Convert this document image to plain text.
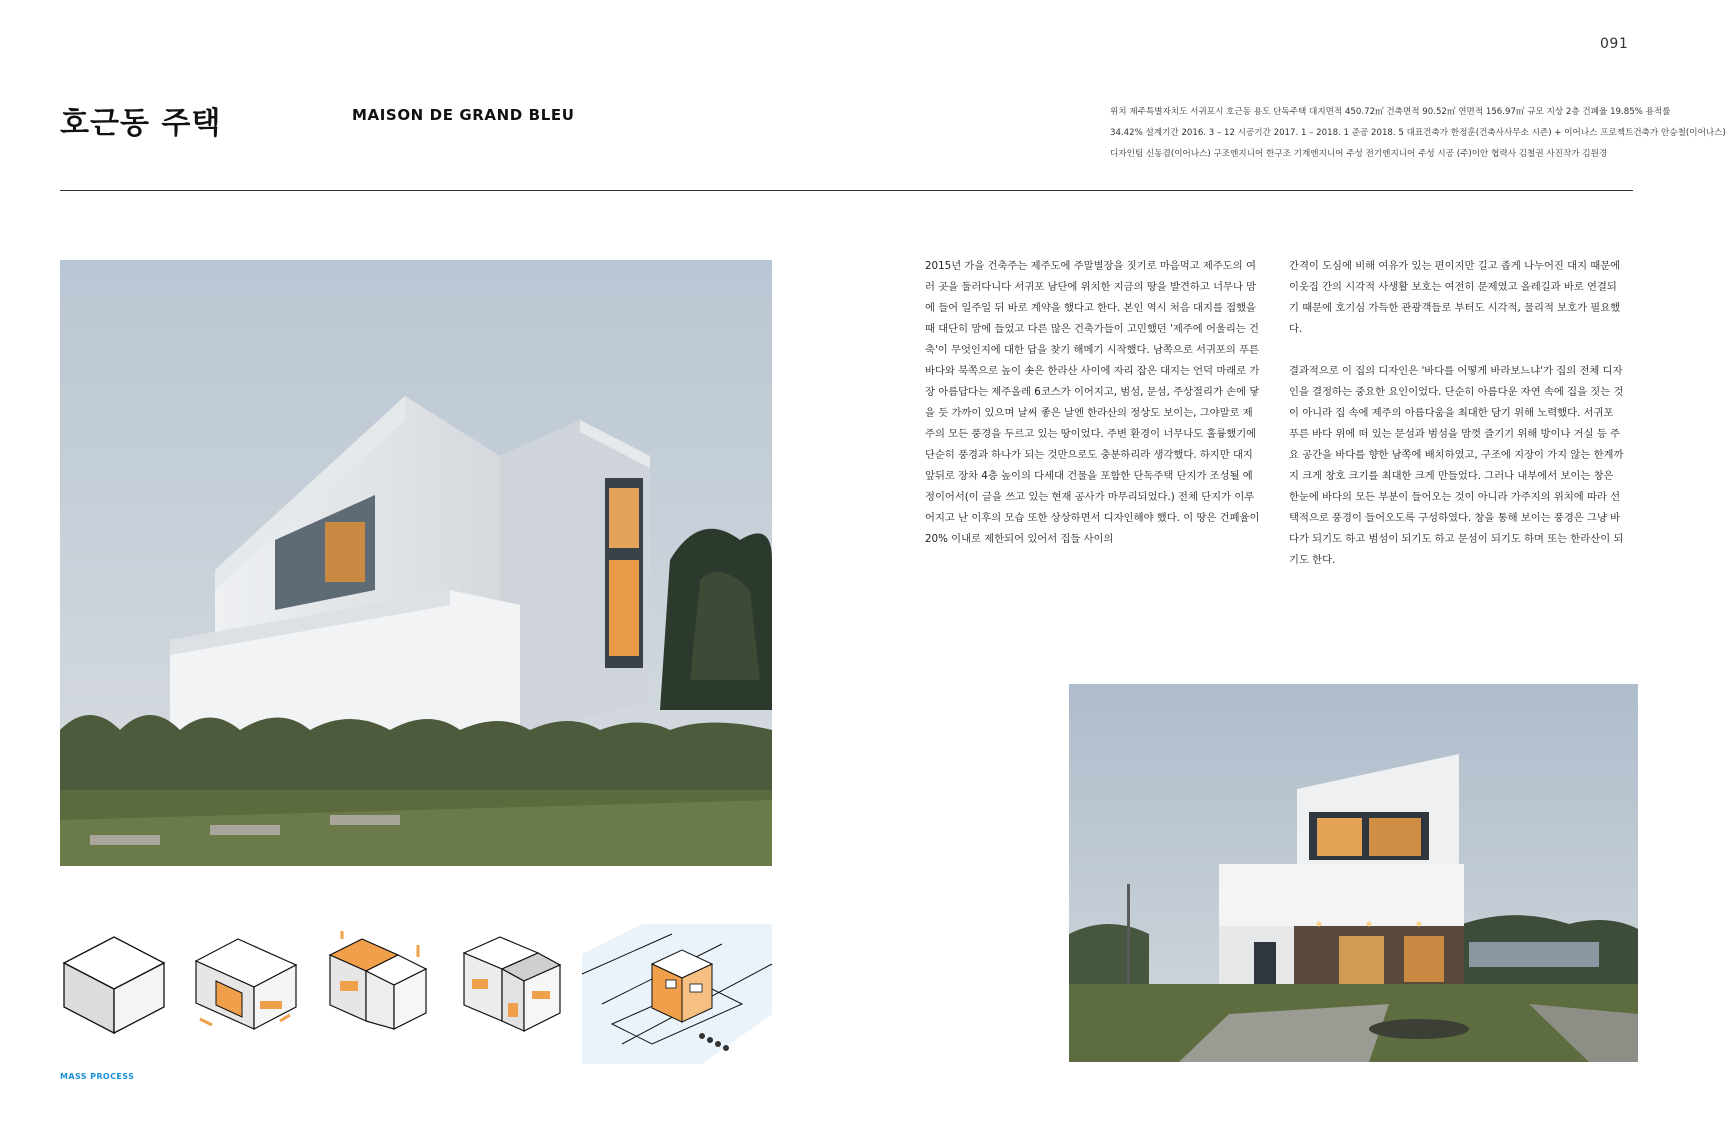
091
호근동 주택	MAISON DE GRAND BLEU	위치 제주특별자치도 서귀포시 호근동 용도 단독주택 대지면적 450.72㎡ 건축면적 90.52㎡ 연면적 156.97㎡ 규모 지상 2층 건폐율 19.85% 용적률
34.42% 설계기간 2016. 3 – 12 시공기간 2017. 1 – 2018. 1 준공 2018. 5 대표건축가 한정훈(건축사사무소 시즌) + 이어나스 프로젝트건축가 안승철(이어나스)
디자인팀 신동겸(이어나스) 구조엔지니어 한구조 기계엔지니어 주성 전기엔지니어 주성 시공 (주)이안 협력사 김철권 사진작가 김원경

2015년 가을 건축주는 제주도에 주말별장을 짓기로 마음먹고 제주도의 여러 곳을 둘러다니다 서귀포 남단에 위치한 지금의 땅을 발견하고 너무나 맘에 들어 일주일 뒤 바로 계약을 했다고 한다. 본인 역시 처음 대지를 접했을 때 대단히 맘에 들었고 다른 많은 건축가들이 고민했던 '제주에 어울리는 건축'이 무엇인지에 대한 답을 찾기 해메기 시작했다. 남쪽으로 서귀포의 푸른 바다와 북쪽으로 높이 솟은 한라산 사이에 자리 잡은 대지는 언덕 마래로 가장 아름답다는 제주올레 6코스가 이어지고, 범섬, 문섬, 주상절리가 손에 닿을 듯 가까이 있으며 날씨 좋은 날엔 한라산의 정상도 보이는, 그야말로 제주의 모든 풍경을 두르고 있는 땅이었다. 주변 환경이 너무나도 훌륭했기에 단순히 풍경과 하나가 되는 것만으로도 충분하리라 생각했다. 하지만 대지 앞뒤로 장차 4층 높이의 다세대 건물을 포함한 단독주택 단지가 조성될 예정이어서(이 글을 쓰고 있는 현재 공사가 마무리되었다.) 전체 단지가 이루어지고 난 이후의 모습 또한 상상하면서 디자인해야 했다. 이 땅은 건폐율이 20% 이내로 제한되어 있어서 집들 사이의

간격이 도심에 비해 여유가 있는 편이지만 길고 좁게 나누어진 대지 때문에 이웃집 간의 시각적 사생활 보호는 여전히 문제였고 올레길과 바로 연결되기 때문에 호기심 가득한 관광객들로 부터도 시각적, 물리적 보호가 필요했다.

결과적으로 이 집의 디자인은 '바다를 어떻게 바라보느냐'가 집의 전체 디자인을 결정하는 중요한 요인이었다. 단순히 아름다운 자연 속에 집을 짓는 것이 아니라 집 속에 제주의 아름다움을 최대한 담기 위해 노력했다. 서귀포 푸른 바다 위에 떠 있는 문섬과 범섬을 맘껏 즐기기 위해 방이나 거실 등 주요 공간을 바다를 향한 남쪽에 배치하였고, 구조에 지장이 가지 않는 한계까지 크게 창호 크기를 최대한 크게 만들었다. 그러나 내부에서 보이는 창은 한눈에 바다의 모든 부분이 들어오는 것이 아니라 가주지의 위치에 따라 선택적으로 풍경이 들어오도록 구성하였다. 창을 통해 보이는 풍경은 그냥 바다가 되기도 하고 범섬이 되기도 하고 문섬이 되기도 하며 또는 한라산이 되기도 한다.

MASS PROCESS
